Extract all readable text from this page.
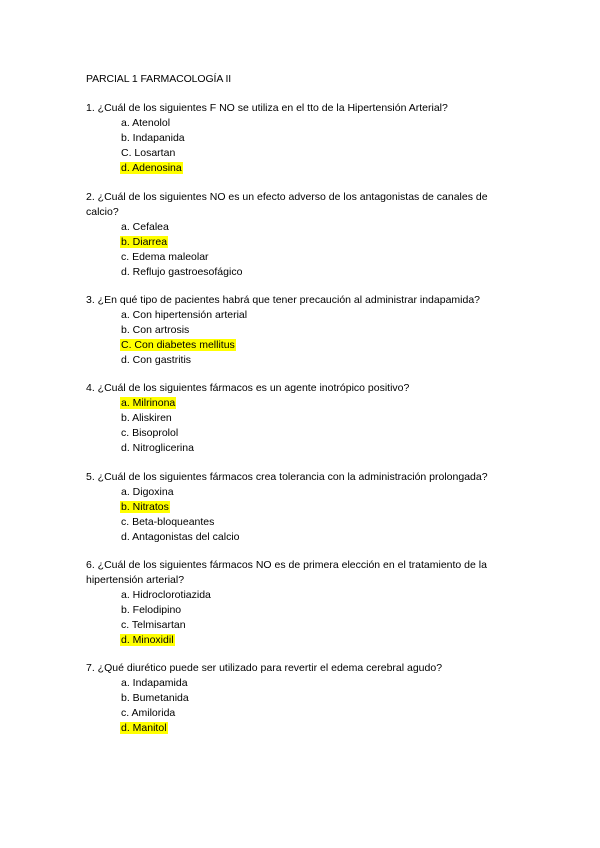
PARCIAL 1 FARMACOLOGÍA II
1. ¿Cuál de los siguientes F NO se utiliza en el tto de la Hipertensión Arterial?
a. Atenolol
b. Indapanida
C. Losartan
d. Adenosina
2. ¿Cuál de los siguientes NO es un efecto adverso de los antagonistas de canales de calcio?
a. Cefalea
b. Diarrea
c. Edema maleolar
d. Reflujo gastroesofágico
3. ¿En qué tipo de pacientes habrá que tener precaución al administrar indapamida?
a. Con hipertensión arterial
b. Con artrosis
C. Con diabetes mellitus
d. Con gastritis
4. ¿Cuál de los siguientes fármacos es un agente inotrópico positivo?
a. Milrinona
b. Aliskiren
c. Bisoprolol
d. Nitroglicerina
5. ¿Cuál de los siguientes fármacos crea tolerancia con la administración prolongada?
a. Digoxina
b. Nitratos
c. Beta-bloqueantes
d. Antagonistas del calcio
6. ¿Cuál de los siguientes fármacos NO es de primera elección en el tratamiento de la hipertensión arterial?
a. Hidroclorotiazida
b. Felodipino
c. Telmisartan
d. Minoxidil
7. ¿Qué diurético puede ser utilizado para revertir el edema cerebral agudo?
a. Indapamida
b. Bumetanida
c. Amilorida
d. Manitol
